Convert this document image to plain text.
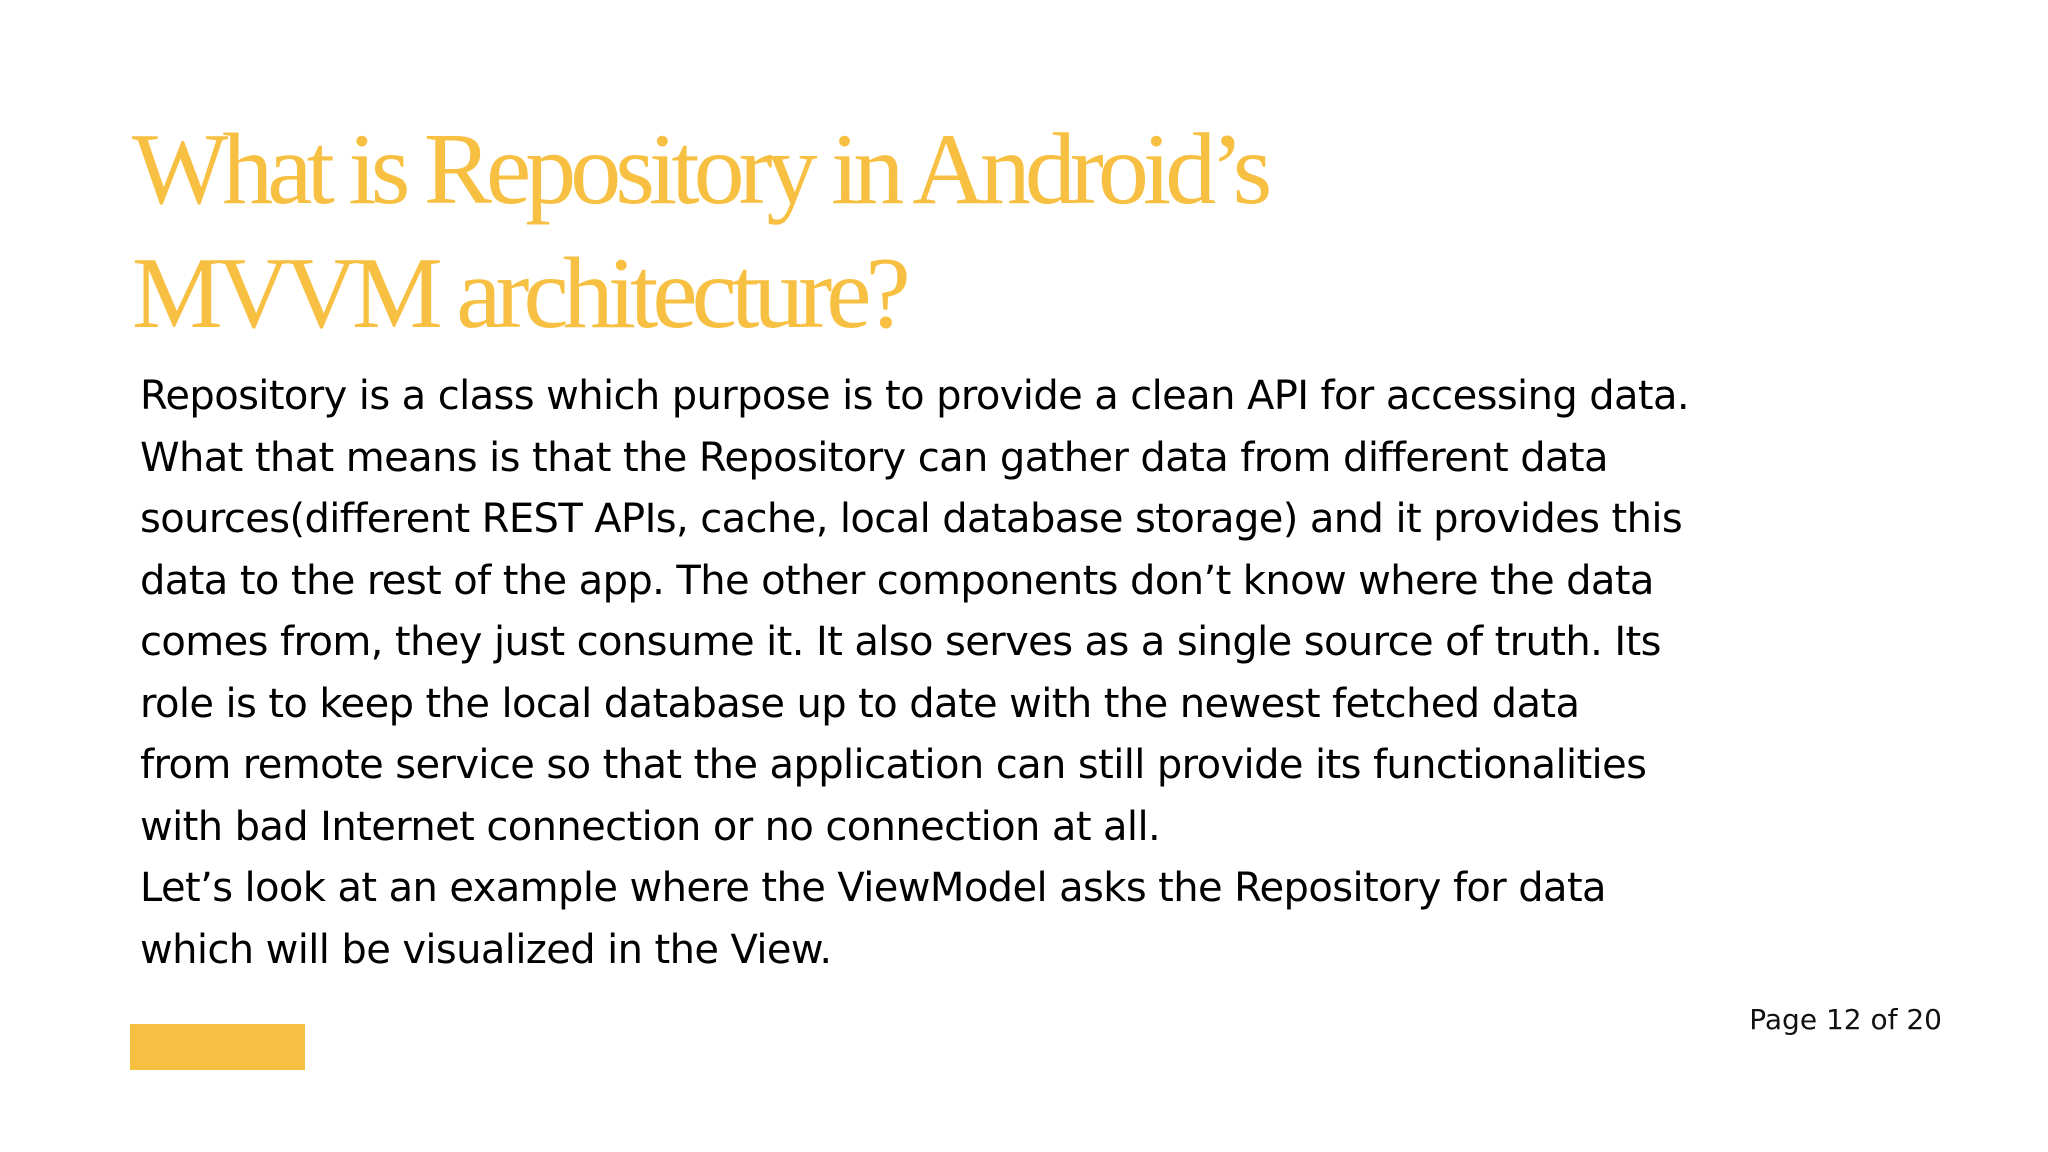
What is Repository in Android’s
MVVM architecture?
Repository is a class which purpose is to provide a clean API for accessing data.
What that means is that the Repository can gather data from different data
sources(different REST APIs, cache, local database storage) and it provides this
data to the rest of the app. The other components don’t know where the data
comes from, they just consume it. It also serves as a single source of truth. Its
role is to keep the local database up to date with the newest fetched data
from remote service so that the application can still provide its functionalities
with bad Internet connection or no connection at all.
Let’s look at an example where the ViewModel asks the Repository for data
which will be visualized in the View.
Page 12 of 20
